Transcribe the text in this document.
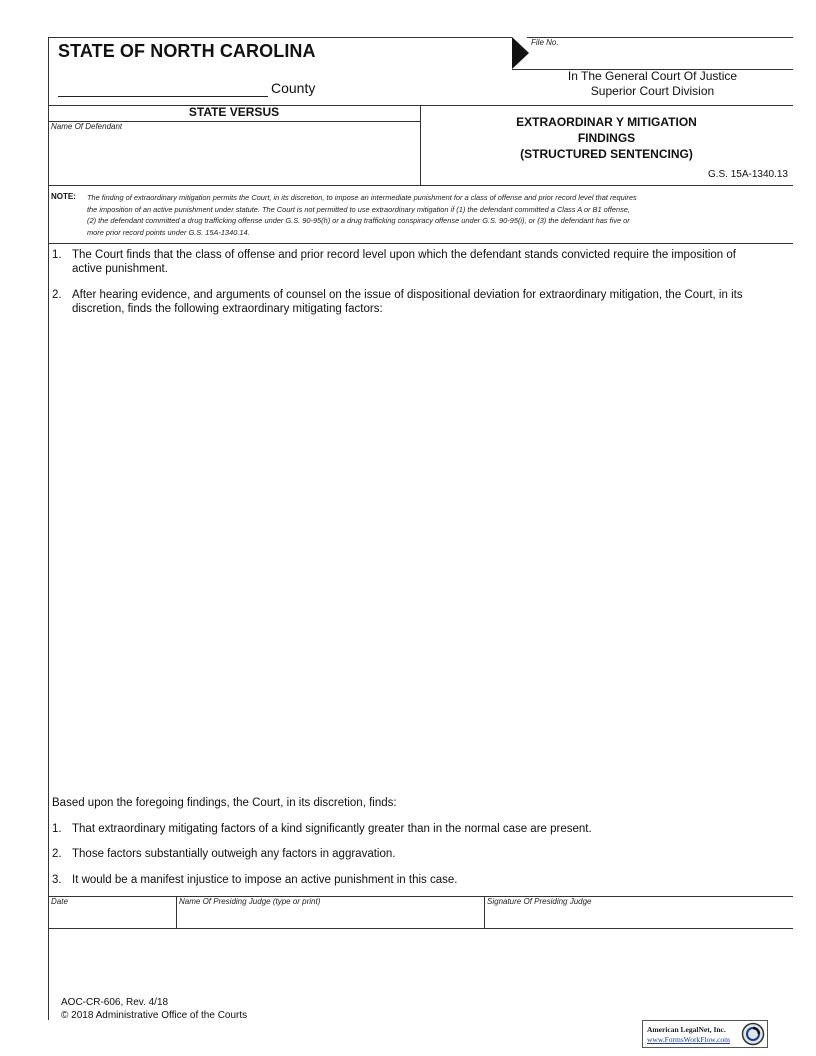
File No.
STATE OF NORTH CAROLINA
County
In The General Court Of Justice
Superior Court Division
STATE VERSUS
Name Of Defendant	EXTRAORDINAR Y MITIGATION
FINDINGS
(STRUCTURED SENTENCING)
G.S. 15A-1340.13
NOTE: The finding of extraordinary mitigation permits the Court, in its discretion, to impose an intermediate punishment for a class of offense and prior record level that requires
the imposition of an active punishment under statute. The Court is not permitted to use extraordinary mitigation if (1) the defendant committed a Class A or B1 offense,
(2) the defendant committed a drug trafficking offense under G.S. 90-95(h) or a drug trafficking conspiracy offense under G.S. 90-95(i), or (3) the defendant has five or
more prior record points under G.S. 15A-1340.14.
1. The Court finds that the class of offense and prior record level upon which the defendant stands convicted require the imposition of
active punishment.
2. After hearing evidence, and arguments of counsel on the issue of dispositional deviation for extraordinary mitigation, the Court, in its
discretion, finds the following extraordinary mitigating factors:
Based upon the foregoing findings, the Court, in its discretion, finds:
1. That extraordinary mitigating factors of a kind significantly greater than in the normal case are present.
2. Those factors substantially outweigh any factors in aggravation.
3. It would be a manifest injustice to impose an active punishment in this case.
Date	Name Of Presiding Judge (type or print)	Signature Of Presiding Judge
AOC-CR-606, Rev. 4/18
© 2018 Administrative Office of the Courts
American LegalNet, Inc.
www.FormsWorkFlow.com
